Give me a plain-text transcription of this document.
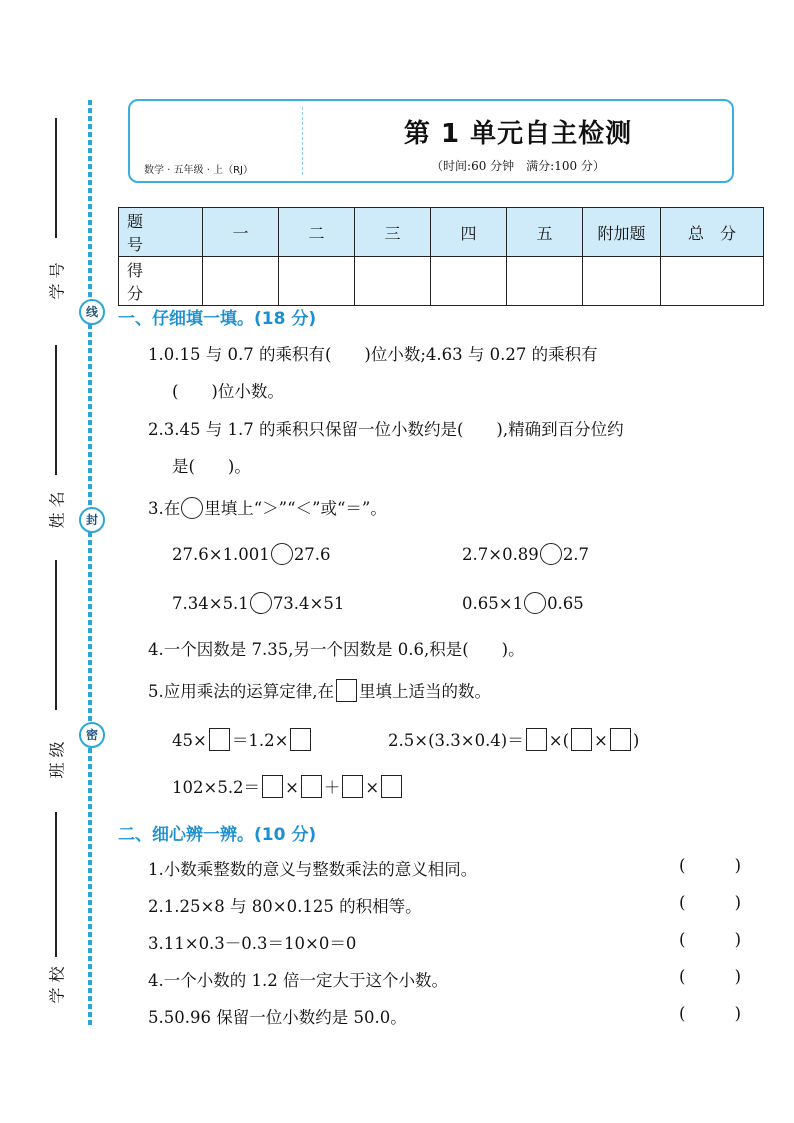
线
封
密
学 号
姓 名
班 级
学 校
数学 · 五年级 · 上（RJ）
第 1 单元自主检测
（时间:60 分钟　满分:100 分）
题 号	一	二	三	四	五	附加题	总　分
得 分							
一、仔细填一填。(18 分)
1.0.15 与 0.7 的乘积有(　　)位小数;4.63 与 0.27 的乘积有
(　　)位小数。
2.3.45 与 1.7 的乘积只保留一位小数约是(　　),精确到百分位约
是(　　)。
3.在 里填上“＞”“＜”或“＝”。
27.6×1.001 27.6	2.7×0.89 2.7
7.34×5.1 73.4×51	0.65×1 0.65
4.一个因数是 7.35,另一个因数是 0.6,积是(　　)。
5.应用乘法的运算定律,在 里填上适当的数。
45× ＝1.2×	2.5×(3.3×0.4)＝ ×( × )
102×5.2＝ × ＋ ×
二、细心辨一辨。(10 分)
1.小数乘整数的意义与整数乘法的意义相同。	(	)
2.1.25×8 与 80×0.125 的积相等。	(	)
3.11×0.3－0.3＝10×0＝0	(	)
4.一个小数的 1.2 倍一定大于这个小数。	(	)
5.50.96 保留一位小数约是 50.0。	(	)
